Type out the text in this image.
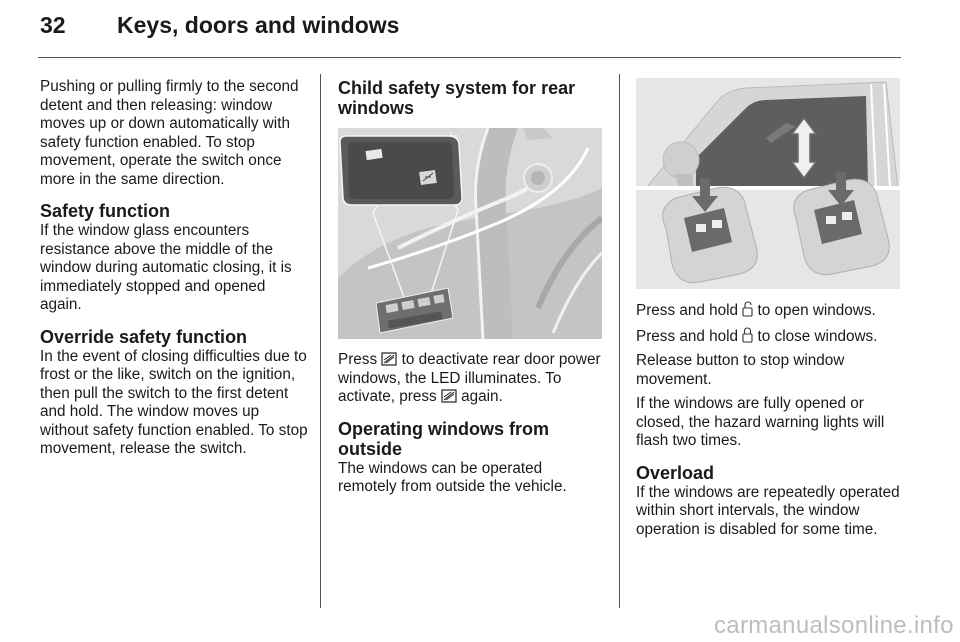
32 Keys, doors and windows

Pushing or pulling firmly to the second detent and then releasing: window moves up or down automatically with safety function enabled. To stop movement, operate the switch once more in the same direction.

Safety function

If the window glass encounters resistance above the middle of the window during automatic closing, it is immediately stopped and opened again.

Override safety function

In the event of closing difficulties due to frost or the like, switch on the ignition, then pull the switch to the first detent and hold. The window moves up without safety function enabled. To stop movement, release the switch.

Child safety system for rear windows

Press to deactivate rear door power windows, the LED illuminates. To activate, press again.

Operating windows from outside

The windows can be operated remotely from outside the vehicle.

Press and hold to open windows.

Press and hold to close windows.

Release button to stop window movement.

If the windows are fully opened or closed, the hazard warning lights will flash two times.

Overload

If the windows are repeatedly operated within short intervals, the window operation is disabled for some time.

carmanualsonline.info
